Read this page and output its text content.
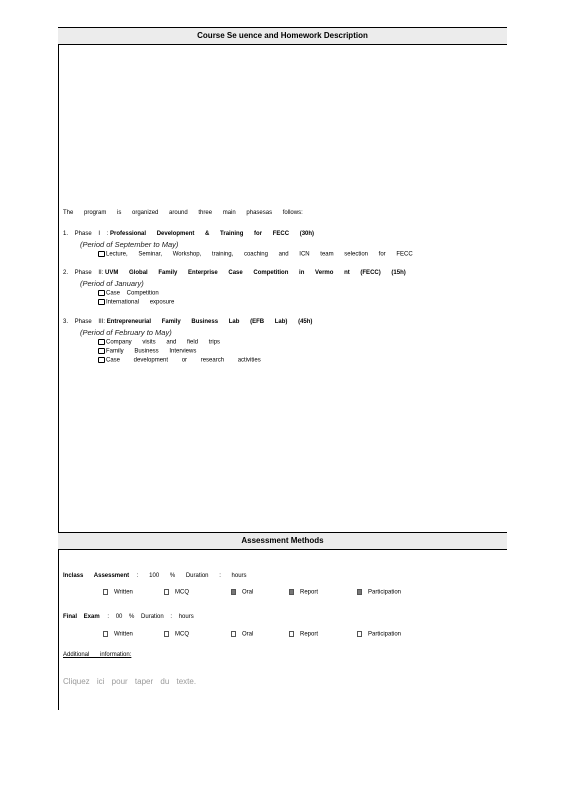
Course Se uence and Homework Description
The program is organized around three main phasesas follows:
1. Phase I : Professional Development & Training for FECC (30h)
(Period of September to May)
Lecture, Seminar, Workshop, training, coaching and ICN team selection for FECC
2. Phase II: UVM Global Family Enterprise Case Competition in Vermo nt (FECC) (15h)
(Period of January)
Case Competition
International exposure
3. Phase III: Entrepreneurial Family Business Lab (EFB Lab) (45h)
(Period of February to May)
Company visits and field trips
Family Business Interviews
Case development or research activities
Assessment Methods
Inclass Assessment : 100 % Duration : hours
Written	MCQ	Oral	Report	Participation
Final Exam : 00 % Duration : hours
Written	MCQ	Oral	Report	Participation
Additional information:
Cliquez ici pour taper du texte.
